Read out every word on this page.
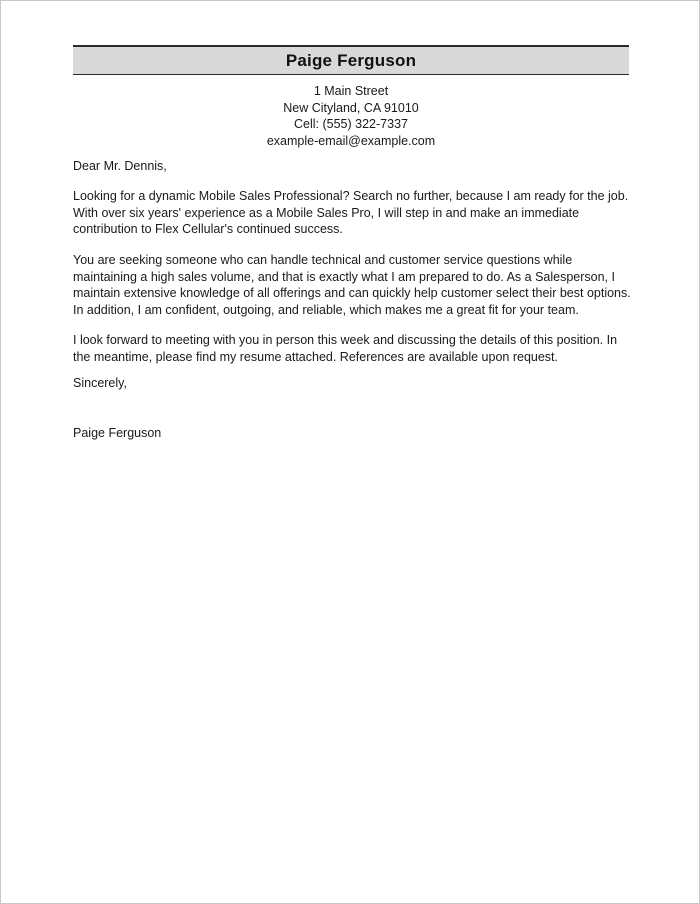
Paige Ferguson
1 Main Street
New Cityland, CA 91010
Cell: (555) 322-7337
example-email@example.com

Dear Mr. Dennis,

Looking for a dynamic Mobile Sales Professional? Search no further, because I am ready for the job.
With over six years' experience as a Mobile Sales Pro, I will step in and make an immediate
contribution to Flex Cellular's continued success.

You are seeking someone who can handle technical and customer service questions while
maintaining a high sales volume, and that is exactly what I am prepared to do. As a Salesperson, I
maintain extensive knowledge of all offerings and can quickly help customer select their best options.
In addition, I am confident, outgoing, and reliable, which makes me a great fit for your team.

I look forward to meeting with you in person this week and discussing the details of this position. In
the meantime, please find my resume attached. References are available upon request.

Sincerely,

Paige Ferguson
